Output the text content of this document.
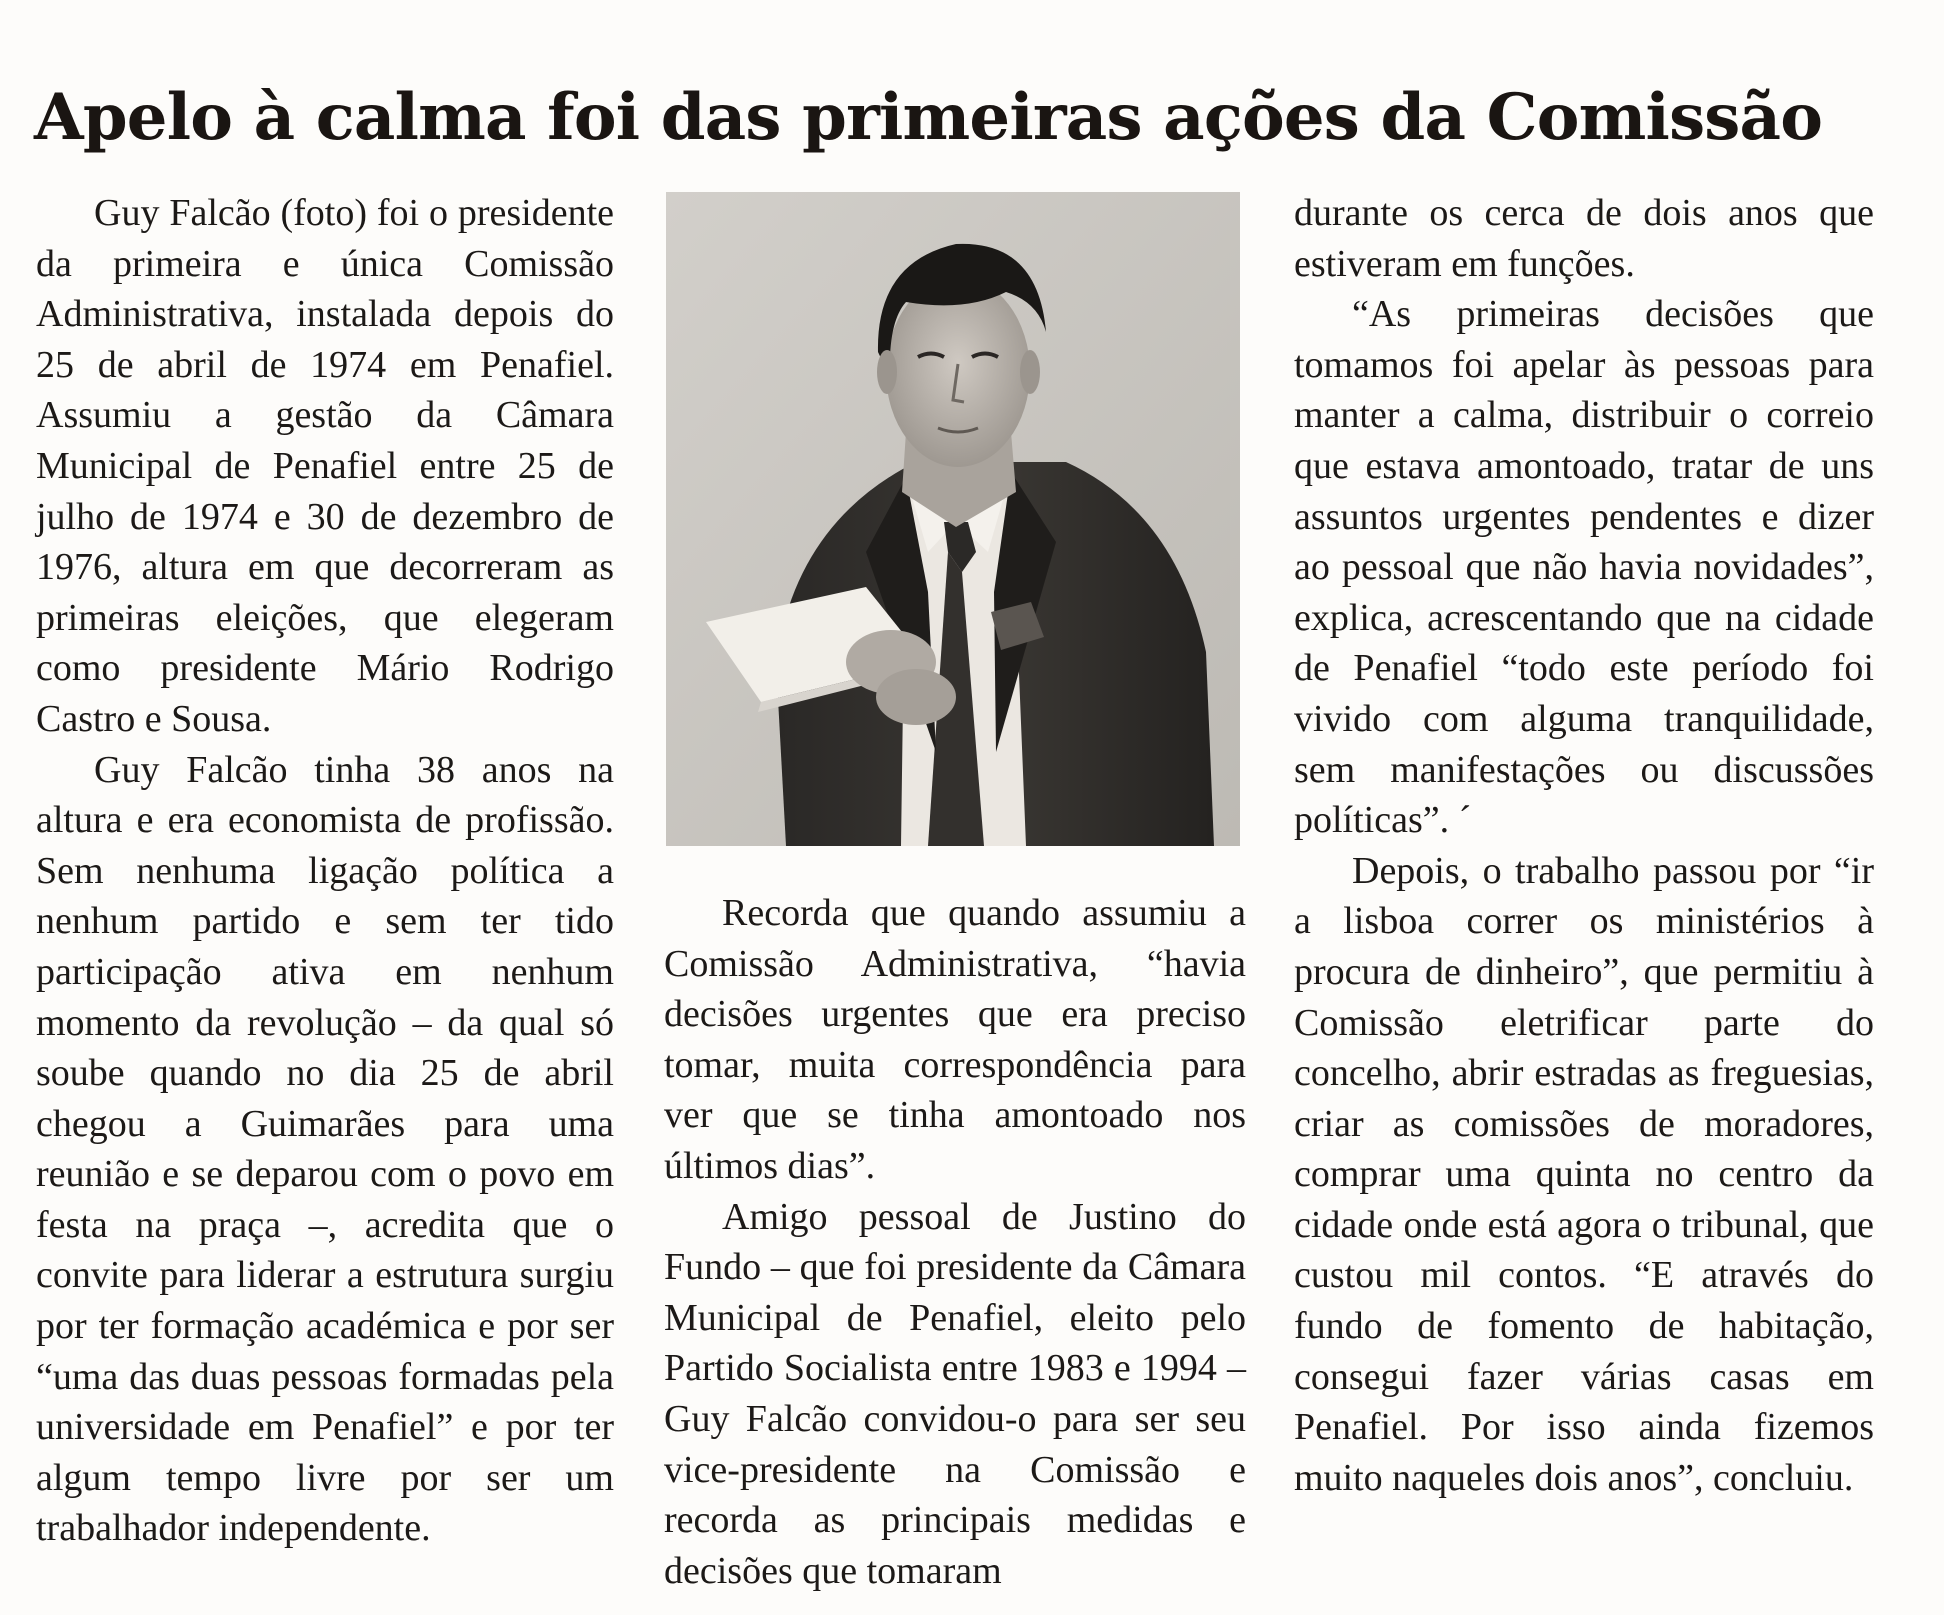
Apelo à calma foi das primeiras ações da Comissão

Guy Falcão (foto) foi o presidente da primeira e única Comissão Administrativa, instalada depois do 25 de abril de 1974 em Penafiel. Assumiu a gestão da Câmara Municipal de Penafiel entre 25 de julho de 1974 e 30 de dezembro de 1976, altura em que decorreram as primeiras eleições, que elegeram como presidente Mário Rodrigo Castro e Sousa.

Guy Falcão tinha 38 anos na altura e era economista de profissão. Sem nenhuma ligação política a nenhum partido e sem ter tido participação ativa em nenhum momento da revolução – da qual só soube quando no dia 25 de abril chegou a Guimarães para uma reunião e se deparou com o povo em festa na praça –, acredita que o convite para liderar a estrutura surgiu por ter formação académica e por ser “uma das duas pessoas formadas pela universidade em Penafiel” e por ter algum tempo livre por ser um trabalhador independente.

Recorda que quando assumiu a Comissão Administrativa, “havia decisões urgentes que era preciso tomar, muita correspondência para ver que se tinha amontoado nos últimos dias”.

Amigo pessoal de Justino do Fundo – que foi presidente da Câmara Municipal de Penafiel, eleito pelo Partido Socialista entre 1983 e 1994 – Guy Falcão convidou-o para ser seu vice-presidente na Comissão e recorda as principais medidas e decisões que tomaram

durante os cerca de dois anos que estiveram em funções.

“As primeiras decisões que tomamos foi apelar às pessoas para manter a calma, distribuir o correio que estava amontoado, tratar de uns assuntos urgentes pendentes e dizer ao pessoal que não havia novidades”, explica, acrescentando que na cidade de Penafiel “todo este período foi vivido com alguma tranquilidade, sem manifestações ou discussões políticas”. ´

Depois, o trabalho passou por “ir a lisboa correr os ministérios à procura de dinheiro”, que permitiu à Comissão eletrificar parte do concelho, abrir estradas as freguesias, criar as comissões de moradores, comprar uma quinta no centro da cidade onde está agora o tribunal, que custou mil contos. “E através do fundo de fomento de habitação, consegui fazer várias casas em Penafiel. Por isso ainda fizemos muito naqueles dois anos”, concluiu.
